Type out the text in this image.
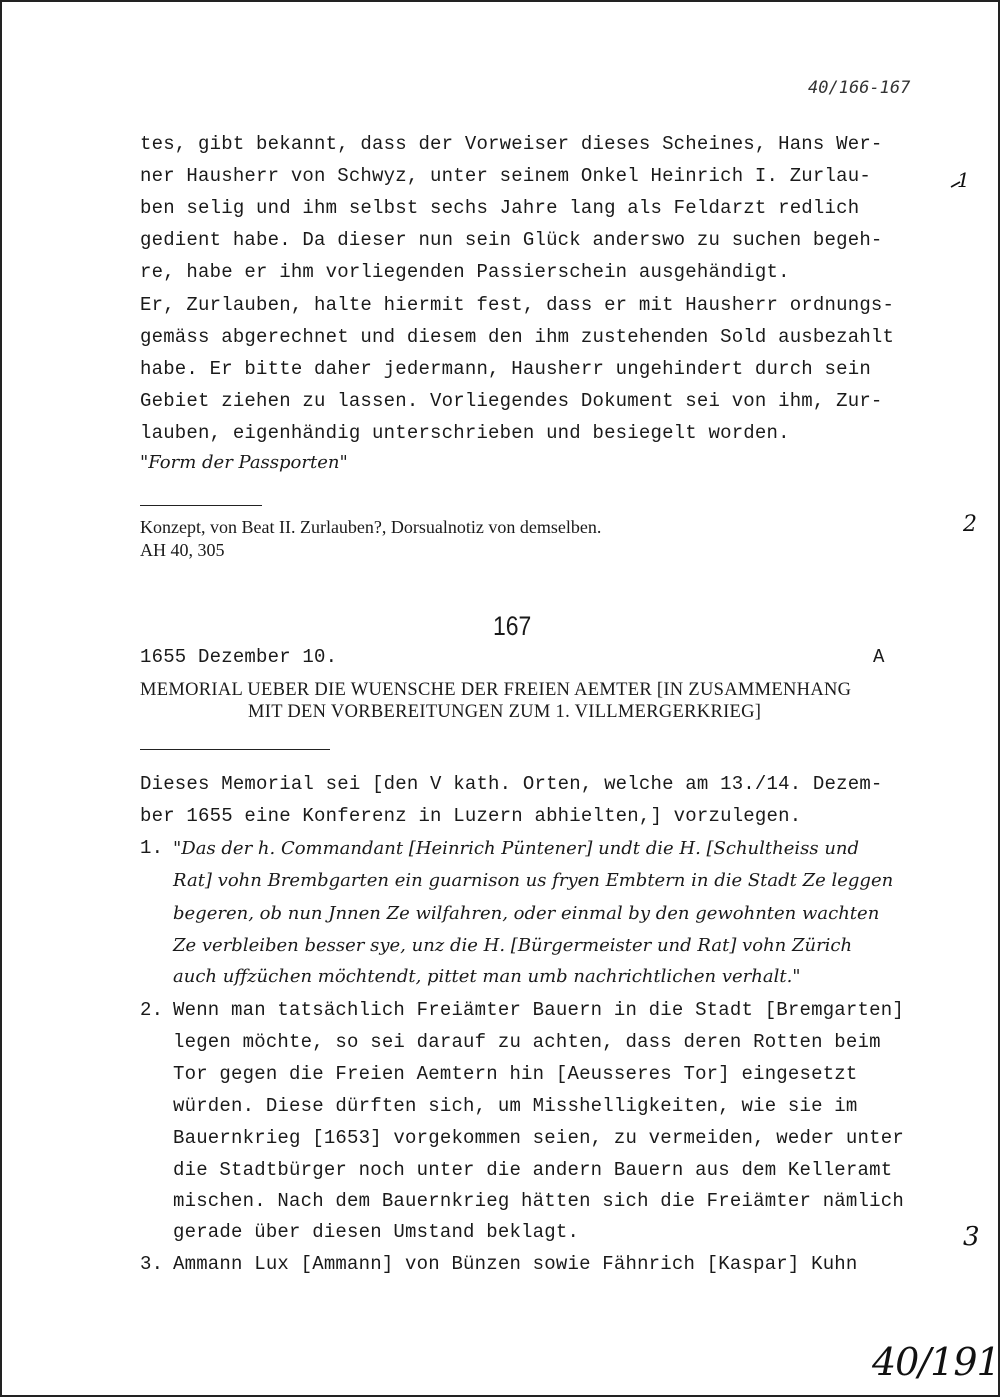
40/166-167
tes, gibt bekannt, dass der Vorweiser dieses Scheines, Hans Wer-
ner Hausherr von Schwyz, unter seinem Onkel Heinrich I. Zurlau-
ben selig und ihm selbst sechs Jahre lang als Feldarzt redlich
gedient habe. Da dieser nun sein Glück anderswo zu suchen begeh-
re, habe er ihm vorliegenden Passierschein ausgehändigt.
Er, Zurlauben, halte hiermit fest, dass er mit Hausherr ordnungs-
gemäss abgerechnet und diesem den ihm zustehenden Sold ausbezahlt
habe. Er bitte daher jedermann, Hausherr ungehindert durch sein
Gebiet ziehen zu lassen. Vorliegendes Dokument sei von ihm, Zur-
lauben, eigenhändig unterschrieben und besiegelt worden.
"Form der Passporten"
Konzept, von Beat II. Zurlauben?, Dorsualnotiz von demselben.
AH 40, 305
167
1655 Dezember 10.	A
MEMORIAL UEBER DIE WUENSCHE DER FREIEN AEMTER [IN ZUSAMMENHANG
MIT DEN VORBEREITUNGEN ZUM 1. VILLMERGERKRIEG]
Dieses Memorial sei [den V kath. Orten, welche am 13./14. Dezem-
ber 1655 eine Konferenz in Luzern abhielten,] vorzulegen.
1. "Das der h. Commandant [Heinrich Püntener] undt die H. [Schultheiss und
Rat] vohn Brembgarten ein guarnison us fryen Embtern in die Stadt Ze leggen
begeren, ob nun Jnnen Ze wilfahren, oder einmal by den gewohnten wachten
Ze verbleiben besser sye, unz die H. [Bürgermeister und Rat] vohn Zürich
auch uffzüchen möchtendt, pittet man umb nachrichtlichen verhalt."
2. Wenn man tatsächlich Freiämter Bauern in die Stadt [Bremgarten]
legen möchte, so sei darauf zu achten, dass deren Rotten beim
Tor gegen die Freien Aemtern hin [Aeusseres Tor] eingesetzt
würden. Diese dürften sich, um Misshelligkeiten, wie sie im
Bauernkrieg [1653] vorgekommen seien, zu vermeiden, weder unter
die Stadtbürger noch unter die andern Bauern aus dem Kelleramt
mischen. Nach dem Bauernkrieg hätten sich die Freiämter nämlich
gerade über diesen Umstand beklagt.
3. Ammann Lux [Ammann] von Bünzen sowie Fähnrich [Kaspar] Kuhn
1
2
3
40/191
